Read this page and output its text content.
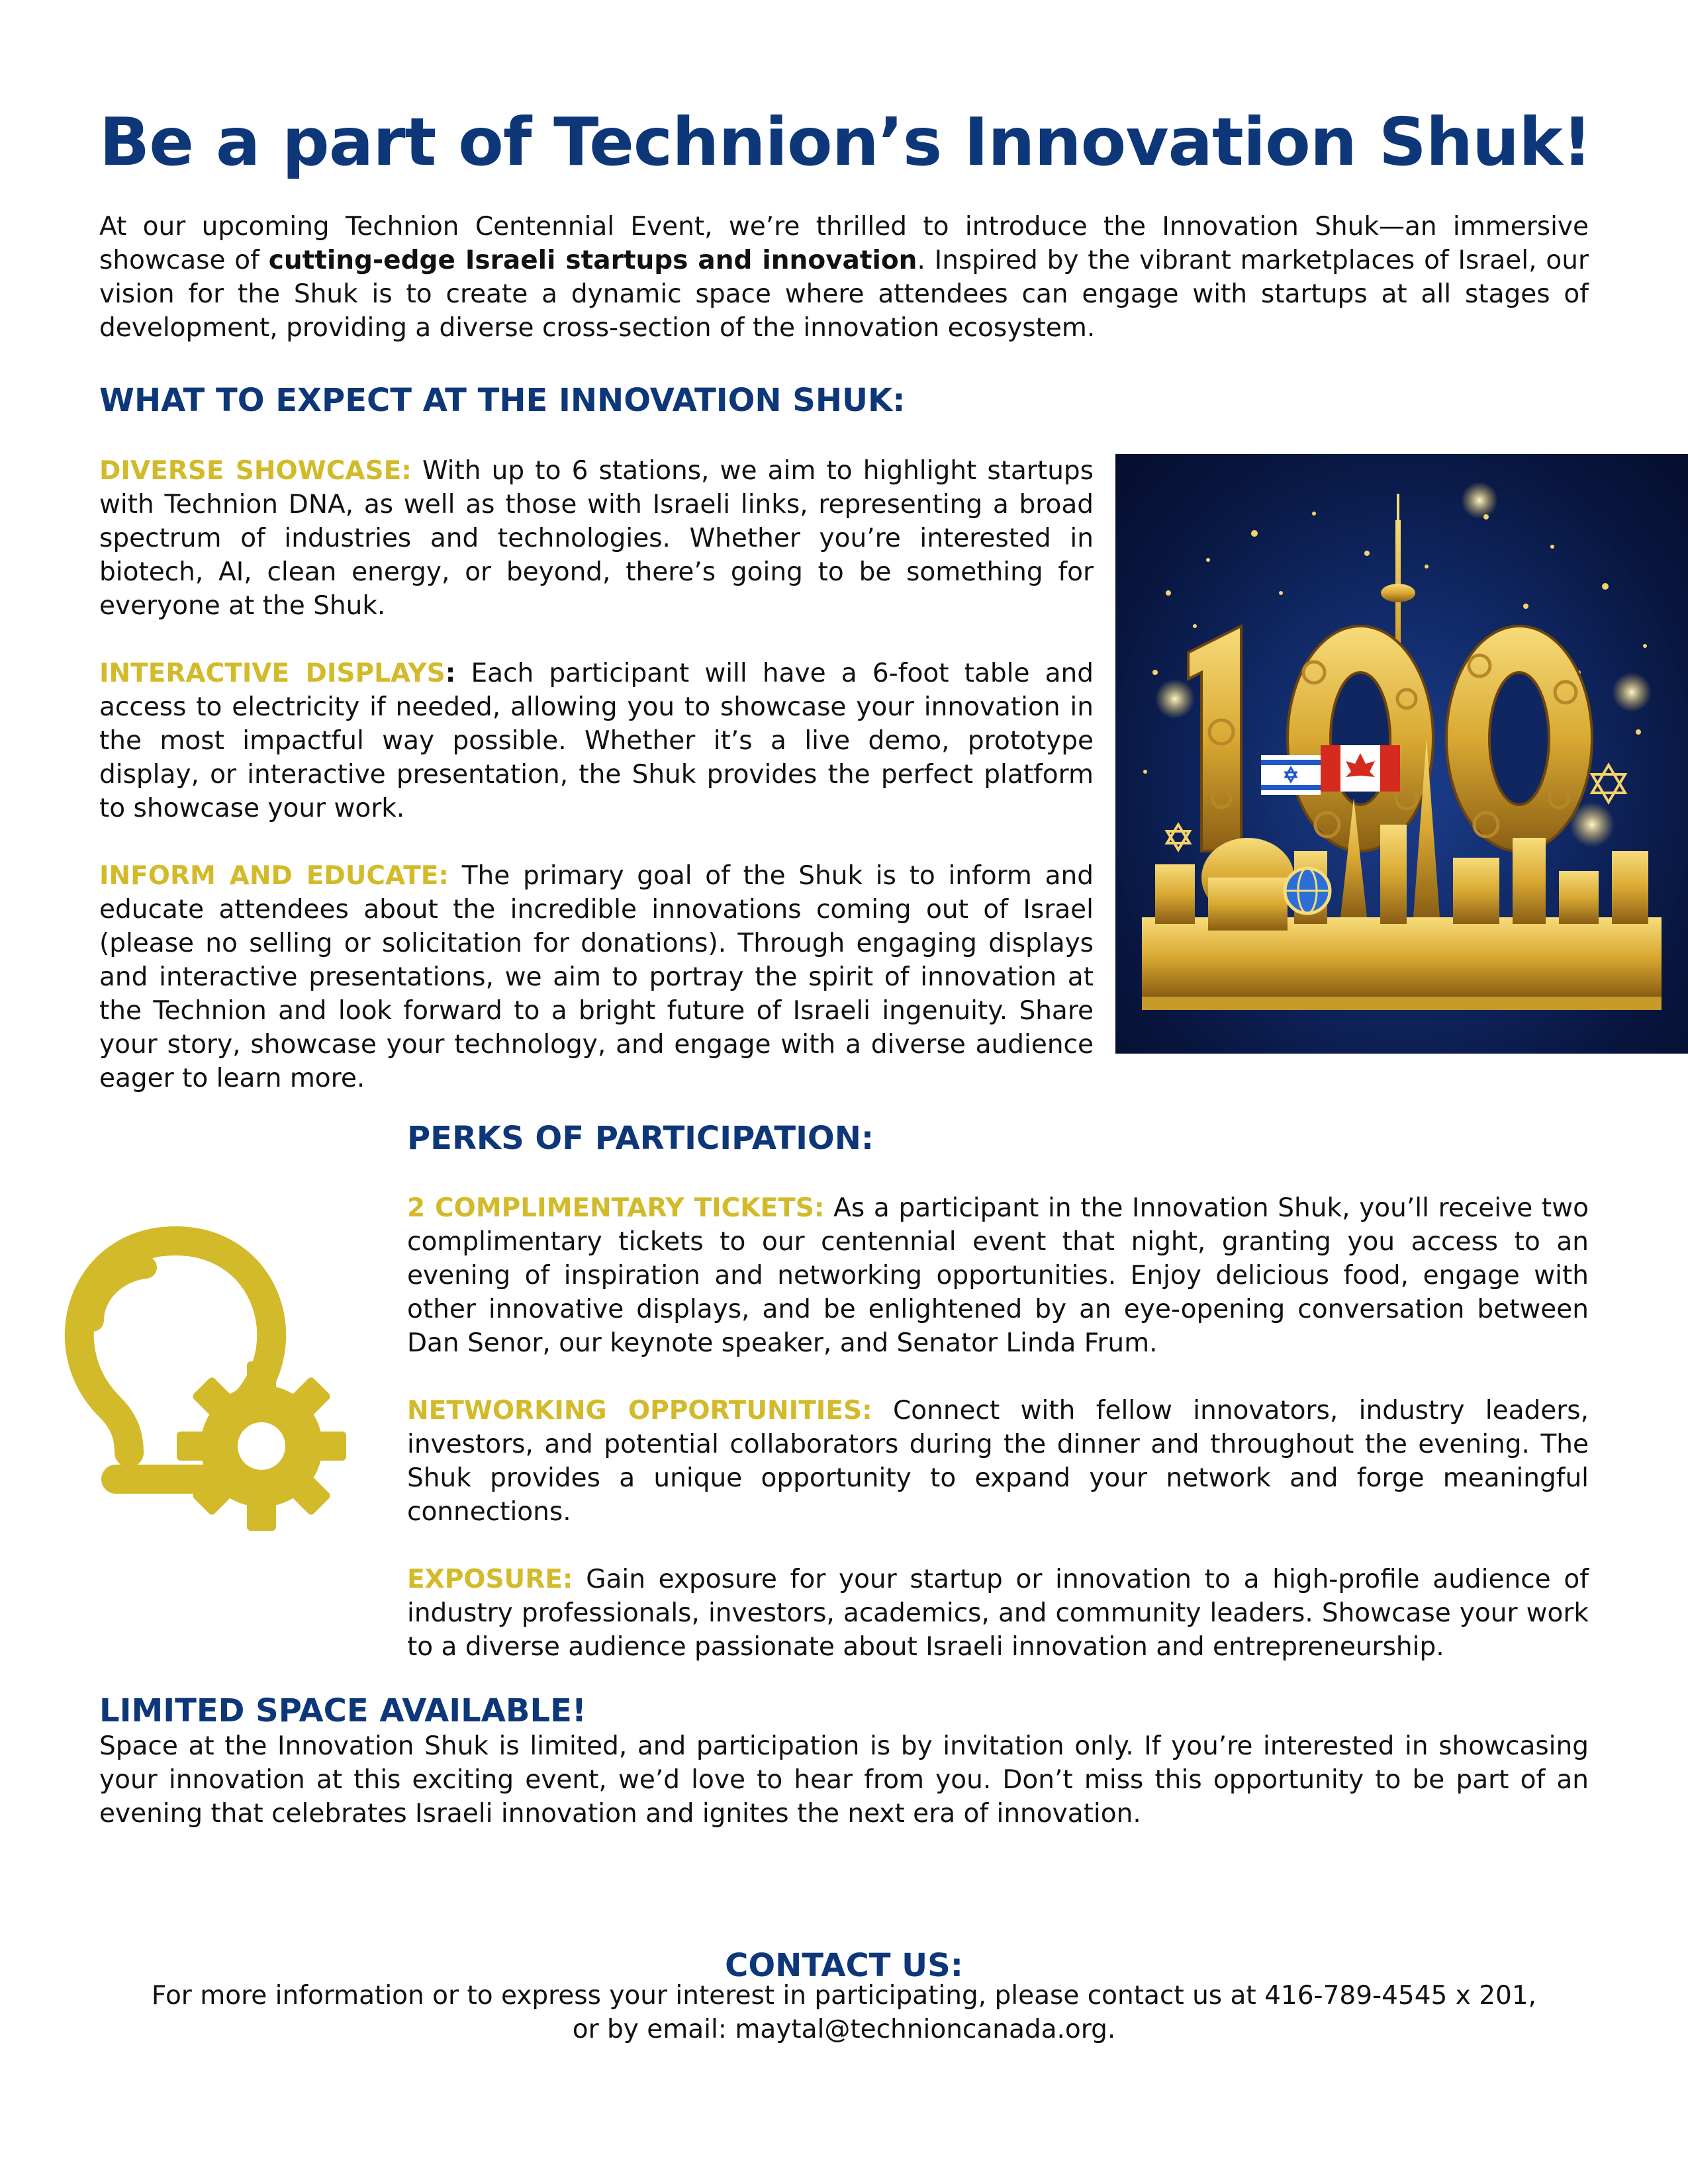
Be a part of Technion’s Innovation Shuk!

At our upcoming Technion Centennial Event, we’re thrilled to introduce the Innovation Shuk—an immersive showcase of cutting-edge Israeli startups and innovation. Inspired by the vibrant marketplaces of Israel, our vision for the Shuk is to create a dynamic space where attendees can engage with startups at all stages of development, providing a diverse cross-section of the innovation ecosystem.

WHAT TO EXPECT AT THE INNOVATION SHUK:

DIVERSE SHOWCASE: With up to 6 stations, we aim to highlight startups with Technion DNA, as well as those with Israeli links, representing a broad spectrum of industries and technologies. Whether you’re interested in biotech, AI, clean energy, or beyond, there’s going to be something for everyone at the Shuk.

INTERACTIVE DISPLAYS: Each participant will have a 6-foot table and access to electricity if needed, allowing you to showcase your innovation in the most impactful way possible. Whether it’s a live demo, prototype display, or interactive presentation, the Shuk provides the perfect platform to showcase your work.

INFORM AND EDUCATE: The primary goal of the Shuk is to inform and educate attendees about the incredible innovations coming out of Israel (please no selling or solicitation for donations). Through engaging displays and interactive presentations, we aim to portray the spirit of innovation at the Technion and look forward to a bright future of Israeli ingenuity. Share your story, showcase your technology, and engage with a diverse audience eager to learn more.

PERKS OF PARTICIPATION:

2 COMPLIMENTARY TICKETS: As a participant in the Innovation Shuk, you’ll receive two complimentary tickets to our centennial event that night, granting you access to an evening of inspiration and networking opportunities. Enjoy delicious food, engage with other innovative displays, and be enlightened by an eye-opening conversation between Dan Senor, our keynote speaker, and Senator Linda Frum.

NETWORKING OPPORTUNITIES: Connect with fellow innovators, industry leaders, investors, and potential collaborators during the dinner and throughout the evening. The Shuk provides a unique opportunity to expand your network and forge meaningful connections.

EXPOSURE: Gain exposure for your startup or innovation to a high-profile audience of industry professionals, investors, academics, and community leaders. Showcase your work to a diverse audience passionate about Israeli innovation and entrepreneurship.

LIMITED SPACE AVAILABLE!

Space at the Innovation Shuk is limited, and participation is by invitation only. If you’re interested in showcasing your innovation at this exciting event, we’d love to hear from you. Don’t miss this opportunity to be part of an evening that celebrates Israeli innovation and ignites the next era of innovation.

CONTACT US:
For more information or to express your interest in participating, please contact us at 416-789-4545 x 201,
or by email: maytal@technioncanada.org.
